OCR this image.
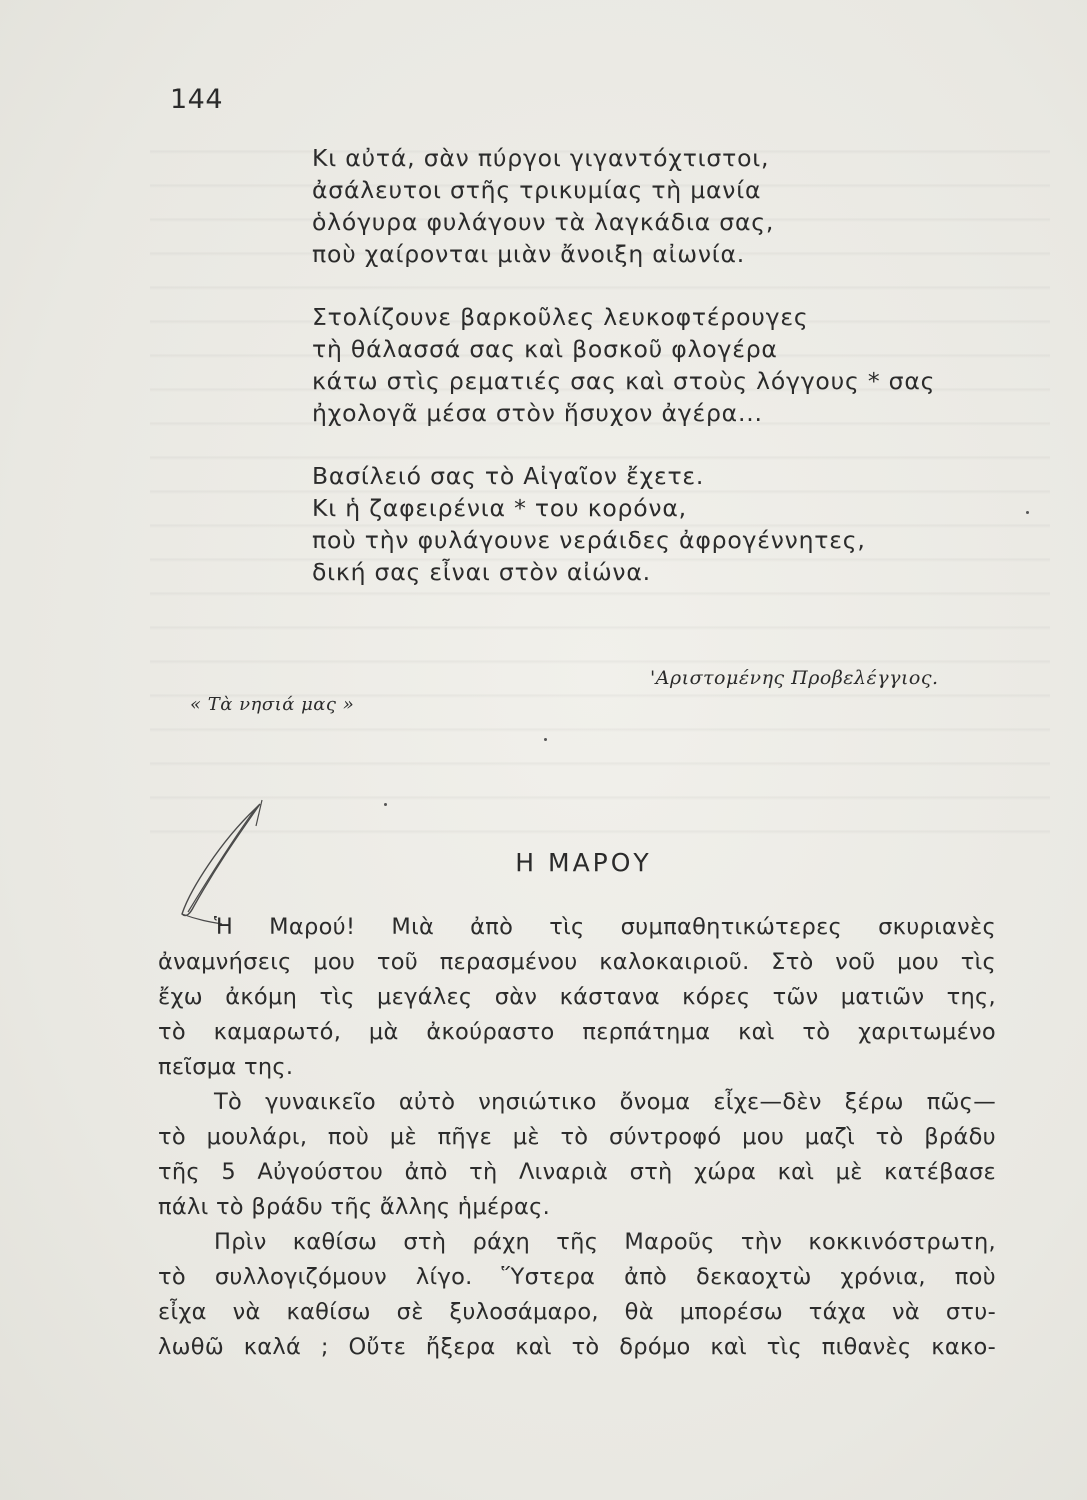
144
Κι αὐτά, σὰν πύργοι γιγαντόχτιστοι,
ἀσάλευτοι στῆς τρικυμίας τὴ μανία
ὁλόγυρα φυλάγουν τὰ λαγκάδια σας,
ποὺ χαίρονται μιὰν ἄνοιξη αἰωνία.
Στολίζουνε βαρκοῦλες λευκοφτέρουγες
τὴ θάλασσά σας καὶ βοσκοῦ φλογέρα
κάτω στὶς ρεματιές σας καὶ στοὺς λόγγους * σας
ἠχολογᾶ μέσα στὸν ἥσυχον ἀγέρα...
Βασίλειό σας τὸ Αἰγαῖον ἔχετε.
Κι ἡ ζαφειρένια * του κορόνα,
ποὺ τὴν φυλάγουνε νεράιδες ἀφρογέννητες,
δική σας εἶναι στὸν αἰώνα.
'Αριστομένης Προβελέγγιος.
« Τὰ νησιά μας »
Η ΜΑΡΟΥ
Ἡ Μαρού! Μιὰ ἀπὸ τὶς συμπαθητικώτερες σκυριανὲς
ἀναμνήσεις μου τοῦ περασμένου καλοκαιριοῦ. Στὸ νοῦ μου τὶς
ἔχω ἀκόμη τὶς μεγάλες σὰν κάστανα κόρες τῶν ματιῶν της,
τὸ καμαρωτό, μὰ ἀκούραστο περπάτημα καὶ τὸ χαριτωμένο
πεῖσμα της.
Τὸ γυναικεῖο αὐτὸ νησιώτικο ὄνομα εἶχε—δὲν ξέρω πῶς—
τὸ μουλάρι, ποὺ μὲ πῆγε μὲ τὸ σύντροφό μου μαζὶ τὸ βράδυ
τῆς 5 Αὐγούστου ἀπὸ τὴ Λιναριὰ στὴ χώρα καὶ μὲ κατέβασε
πάλι τὸ βράδυ τῆς ἄλλης ἡμέρας.
Πρὶν καθίσω στὴ ράχη τῆς Μαροῦς τὴν κοκκινόστρωτη,
τὸ συλλογιζόμουν λίγο. Ὕστερα ἀπὸ δεκαοχτὼ χρόνια, ποὺ
εἶχα νὰ καθίσω σὲ ξυλοσάμαρο, θὰ μπορέσω τάχα νὰ στυ-
λωθῶ καλά ; Οὔτε ἤξερα καὶ τὸ δρόμο καὶ τὶς πιθανὲς κακο-
